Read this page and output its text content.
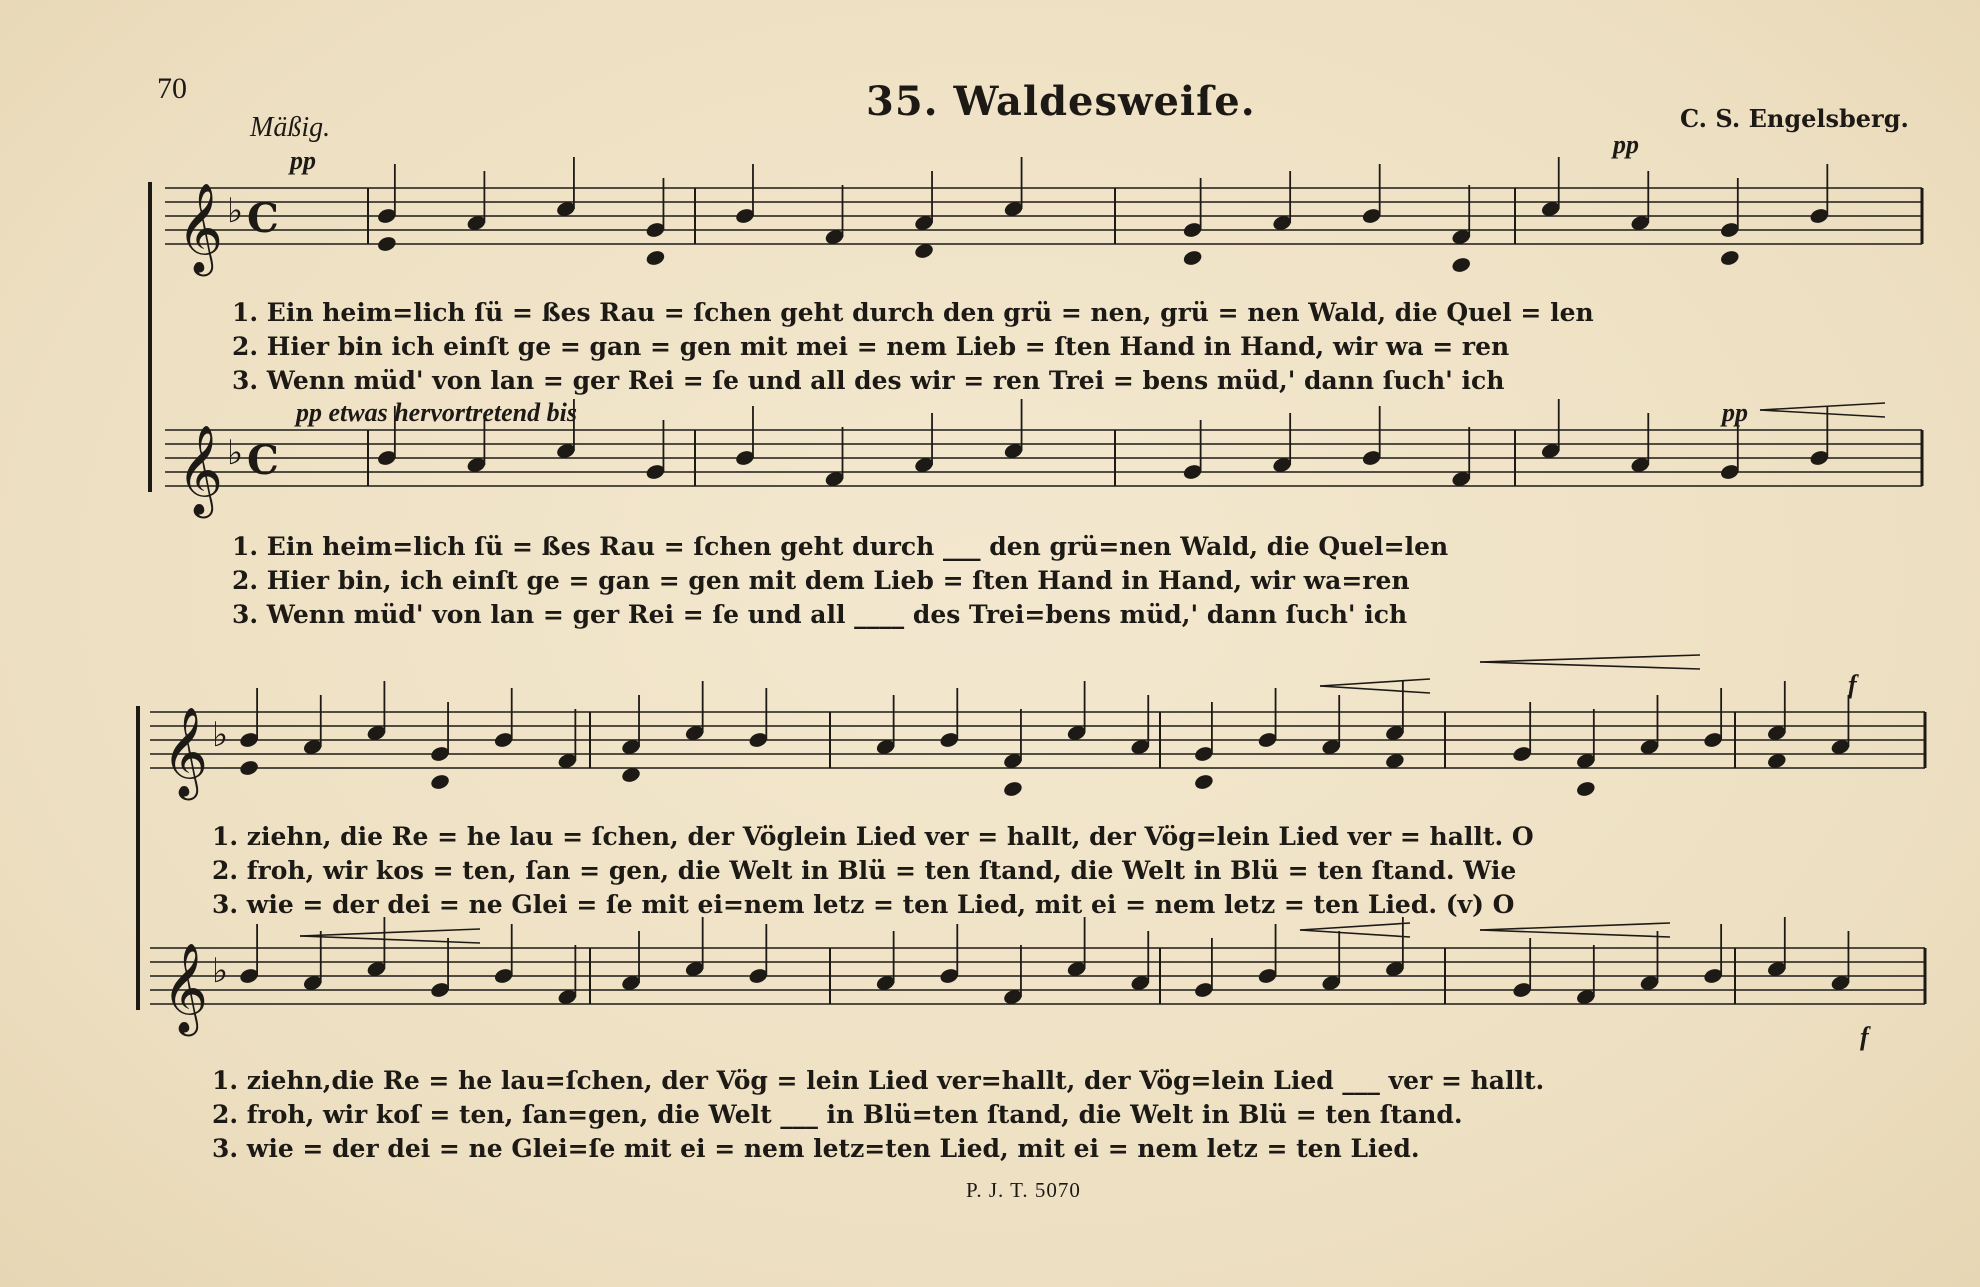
70	35. Waldesweiſe.	C. S. Engelsberg.
Mäßig.
pp
pp
pp etwas hervortretend bis	pp
f
f
𝄞 ♭ C
𝄞 ♭ C
𝄞 ♭
𝄞 ♭
1. Ein heim=lich ſü = ßes Rau = ſchen geht durch den grü = nen, grü = nen Wald, die Quel = len
2. Hier bin ich einſt ge = gan = gen mit mei = nem Lieb = ſten Hand in Hand, wir wa = ren
3. Wenn müd' von lan = ger Rei = ſe und all des wir = ren Trei = bens müd,' dann ſuch' ich
1. Ein heim=lich ſü = ßes Rau = ſchen geht durch ___ den grü=nen Wald, die Quel=len
2. Hier bin, ich einſt ge = gan = gen mit dem Lieb = ſten Hand in Hand, wir wa=ren
3. Wenn müd' von lan = ger Rei = ſe und all ____ des Trei=bens müd,' dann ſuch' ich
1. ziehn, die Re = he lau = ſchen, der Vöglein Lied ver = hallt, der Vög=lein Lied ver = hallt. O
2. froh, wir kos = ten, ſan = gen, die Welt in Blü = ten ſtand, die Welt in Blü = ten ſtand. Wie
3. wie = der dei = ne Glei = ſe mit ei=nem letz = ten Lied, mit ei = nem letz = ten Lied. (v) O
1. ziehn,die Re = he lau=ſchen, der Vög = lein Lied ver=hallt, der Vög=lein Lied ___ ver = hallt.
2. froh, wir koſ = ten, ſan=gen, die Welt ___ in Blü=ten ſtand, die Welt in Blü = ten ſtand.
3. wie = der dei = ne Glei=ſe mit ei = nem letz=ten Lied, mit ei = nem letz = ten Lied.
P. J. T. 5070
